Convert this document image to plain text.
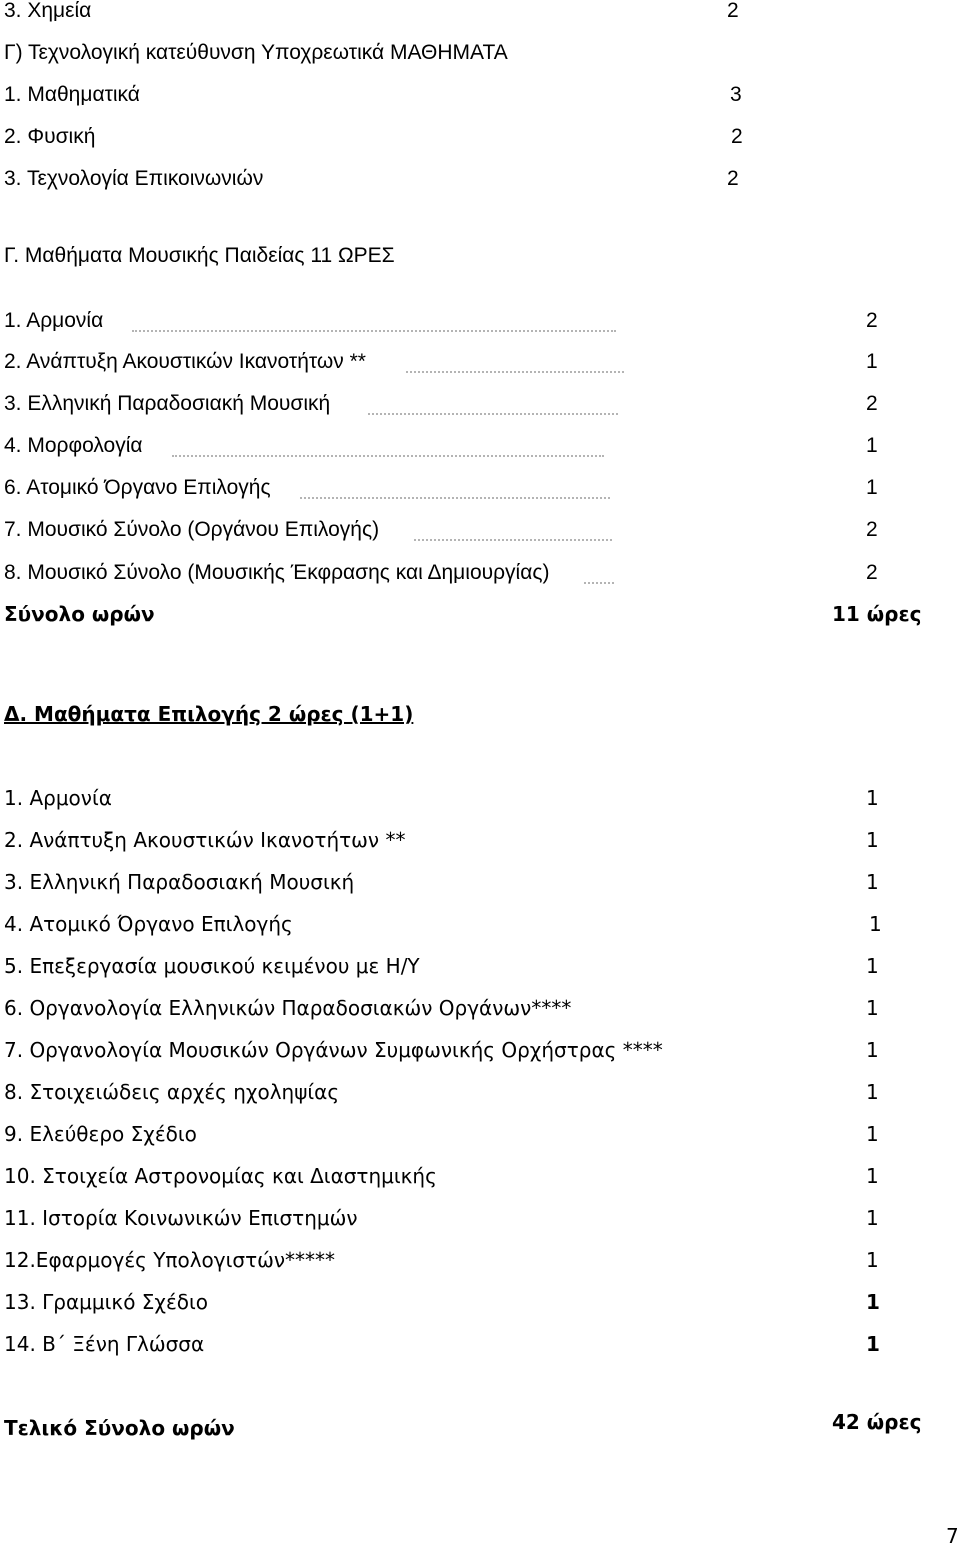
3. Χημεία	2
Γ) Τεχνολογική κατεύθυνση Υποχρεωτικά ΜΑΘΗΜΑΤΑ
1. Μαθηματικά	3
2. Φυσική	2
3. Τεχνολογία Επικοινωνιών	2
Γ. Μαθήματα Μουσικής Παιδείας 11 ΩΡΕΣ
1. Αρμονία	2
2. Ανάπτυξη Ακουστικών Ικανοτήτων **	1
3. Ελληνική Παραδοσιακή Μουσική	2
4. Μορφολογία	1
6. Ατομικό Όργανο Επιλογής	1
7. Μουσικό Σύνολο (Οργάνου Επιλογής)	2
8. Μουσικό Σύνολο (Μουσικής Έκφρασης και Δημιουργίας)	2
Σύνολο ωρών	11 ώρες
Δ. Μαθήματα Επιλογής 2 ώρες (1+1)
1. Αρμονία	1
2. Ανάπτυξη Ακουστικών Ικανοτήτων **	1
3. Ελληνική Παραδοσιακή Μουσική	1
4. Ατομικό Όργανο Επιλογής	1
5. Επεξεργασία μουσικού κειμένου με Η/Υ	1
6. Οργανολογία Ελληνικών Παραδοσιακών Οργάνων****	1
7. Οργανολογία Μουσικών Οργάνων Συμφωνικής Ορχήστρας ****	1
8. Στοιχειώδεις αρχές ηχοληψίας	1
9. Ελεύθερο Σχέδιο	1
10. Στοιχεία Αστρονομίας και Διαστημικής	1
11. Ιστορία Κοινωνικών Επιστημών	1
12.Εφαρμογές Υπολογιστών*****	1
13. Γραμμικό Σχέδιο	1
14. Β΄ Ξένη Γλώσσα	1
Τελικό Σύνολο ωρών	42 ώρες
7
